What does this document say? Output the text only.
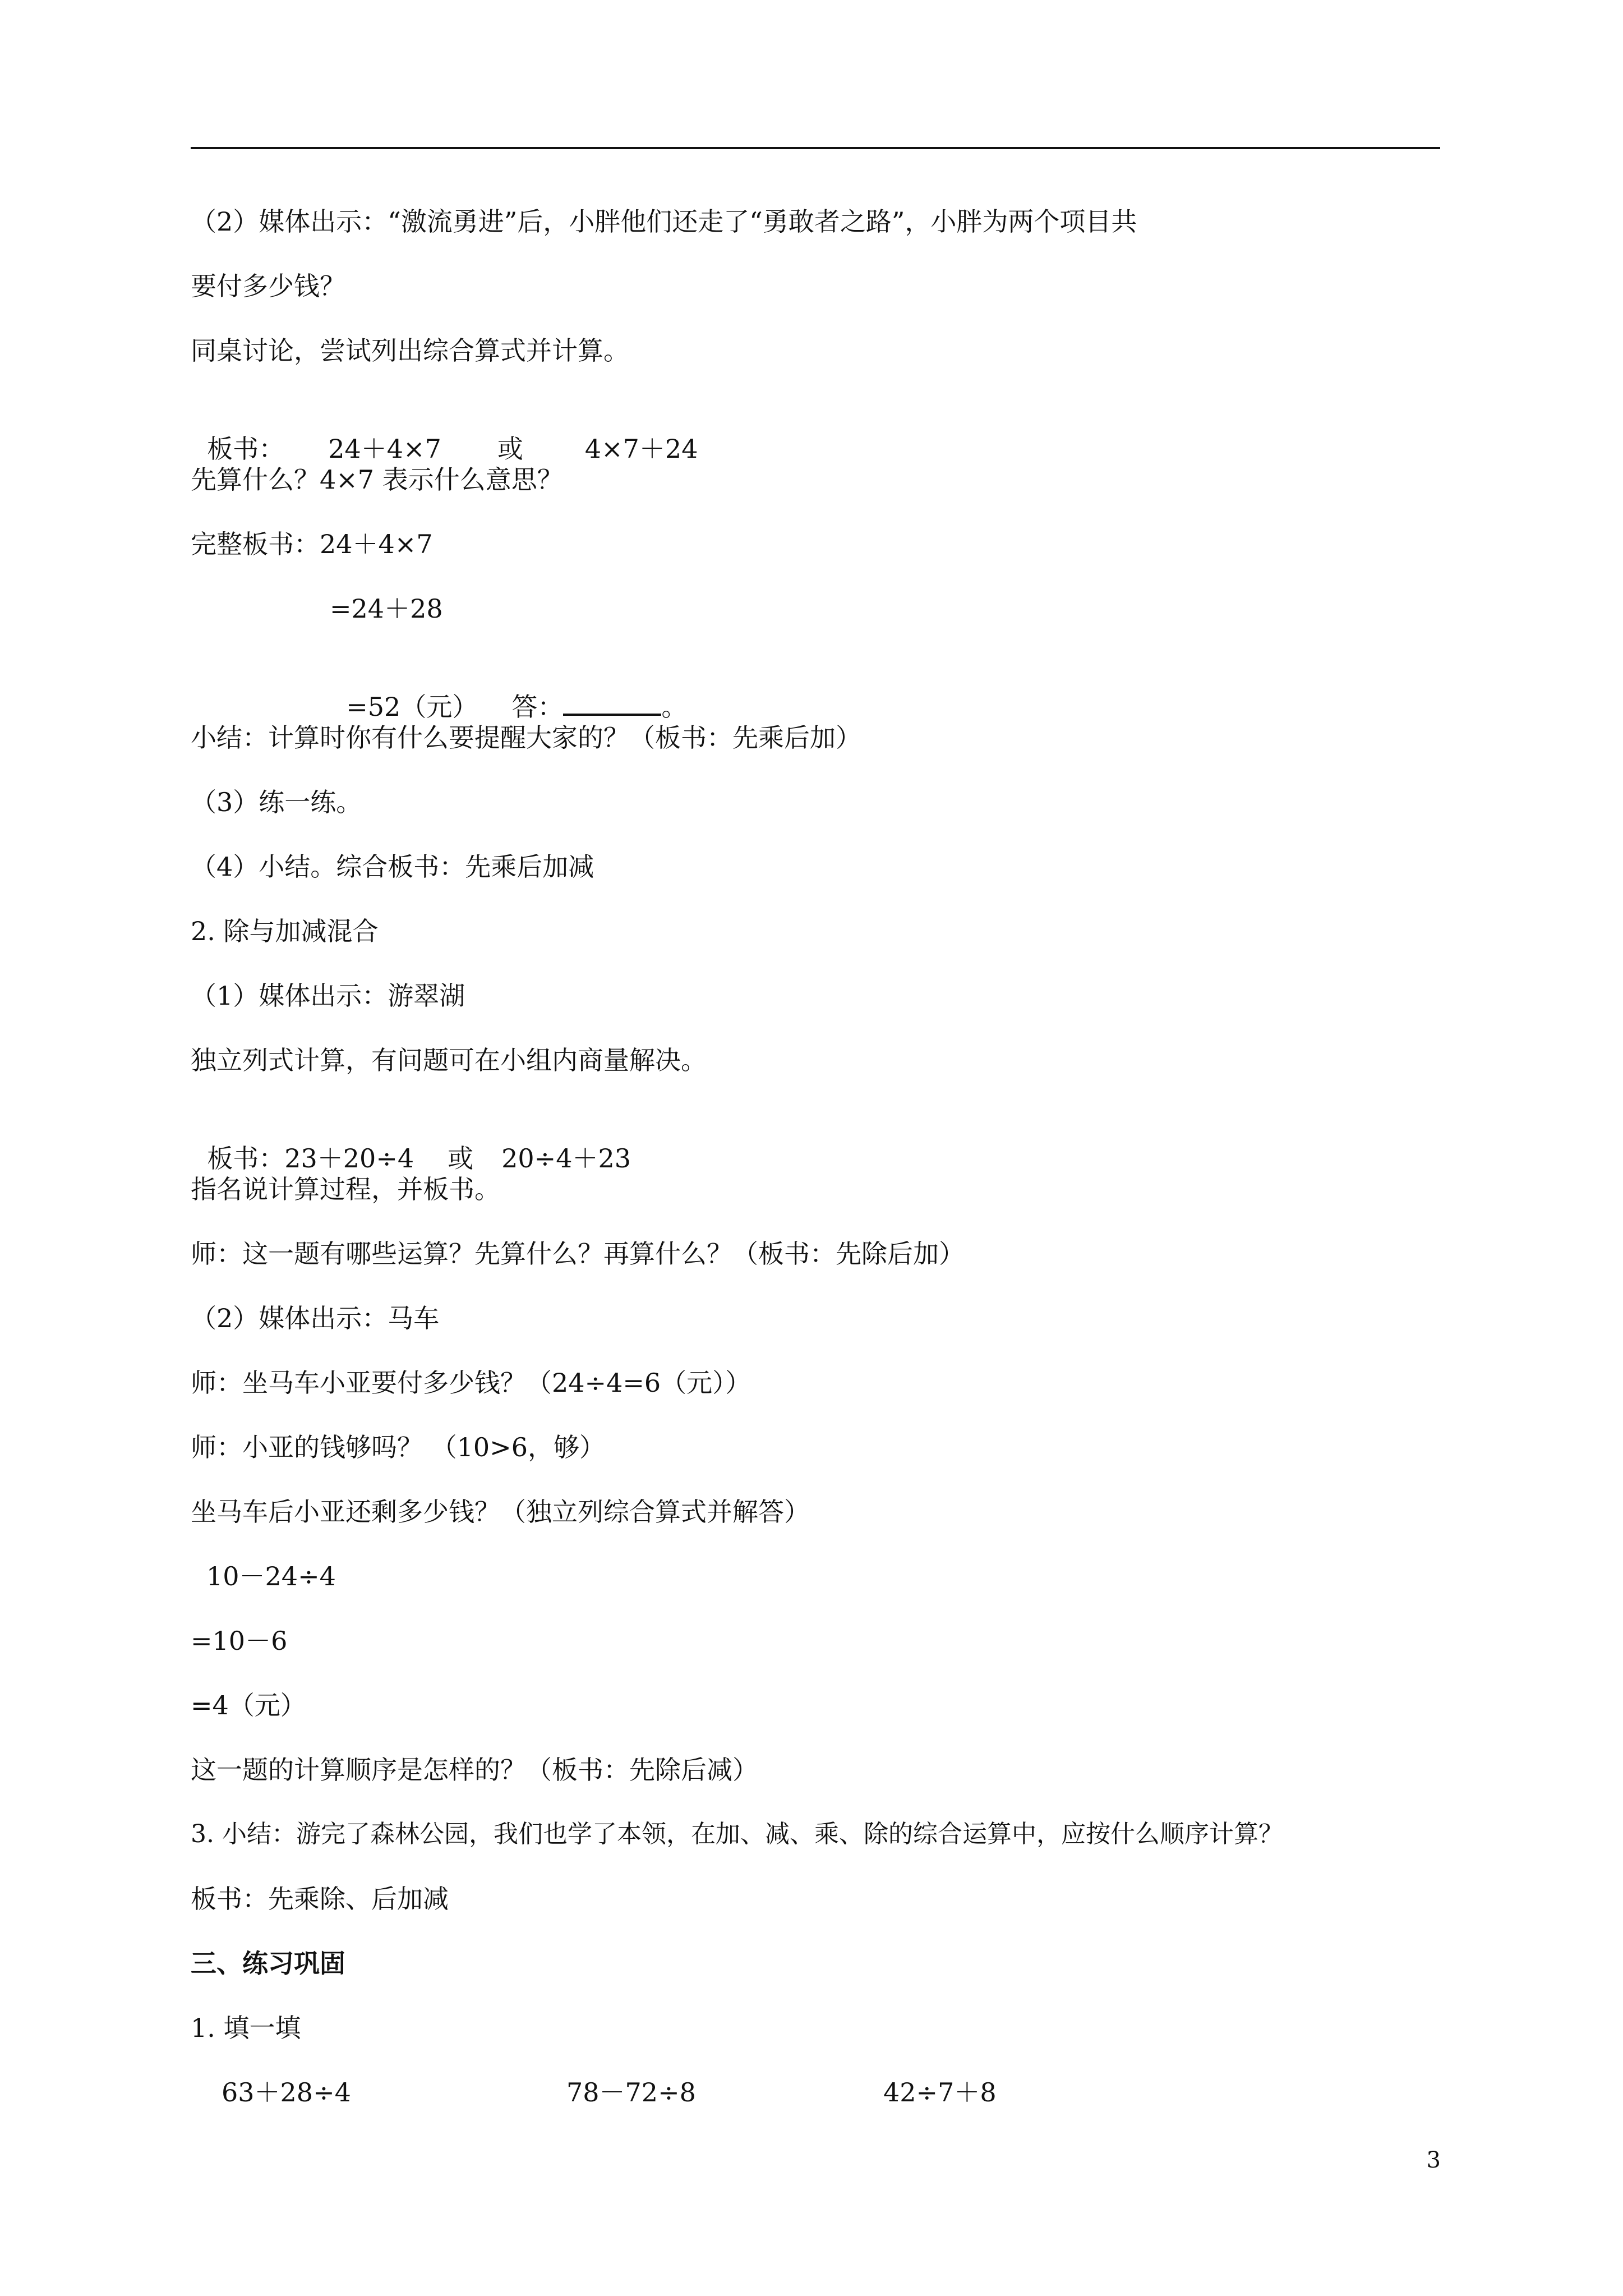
（2）媒体出示：“激流勇进”后，小胖他们还走了“勇敢者之路”，小胖为两个项目共
要付多少钱？
同桌讨论，尝试列出综合算式并计算。

板书： 24＋4×7 或 4×7＋24

先算什么？4×7 表示什么意思？
完整板书：24＋4×7
=24＋28

=52（元） 答：	。

小结：计算时你有什么要提醒大家的？（板书：先乘后加）
（3）练一练。
（4）小结。综合板书：先乘后加减
2. 除与加减混合
（1）媒体出示：游翠湖
独立列式计算，有问题可在小组内商量解决。

板书：23＋20÷4 或 20÷4＋23

指名说计算过程，并板书。
师：这一题有哪些运算？先算什么？再算什么？（板书：先除后加）
（2）媒体出示：马车
师：坐马车小亚要付多少钱？（24÷4=6（元））
师：小亚的钱够吗？ （10>6，够）
坐马车后小亚还剩多少钱？（独立列综合算式并解答）
10－24÷4
=10－6
=4（元）
这一题的计算顺序是怎样的？（板书：先除后减）
3. 小结：游完了森林公园，我们也学了本领，在加、减、乘、除的综合运算中，应按什么顺序计算？
板书：先乘除、后加减
三、练习巩固
1. 填一填
63＋28÷4	78－72÷8	42÷7＋8
3
